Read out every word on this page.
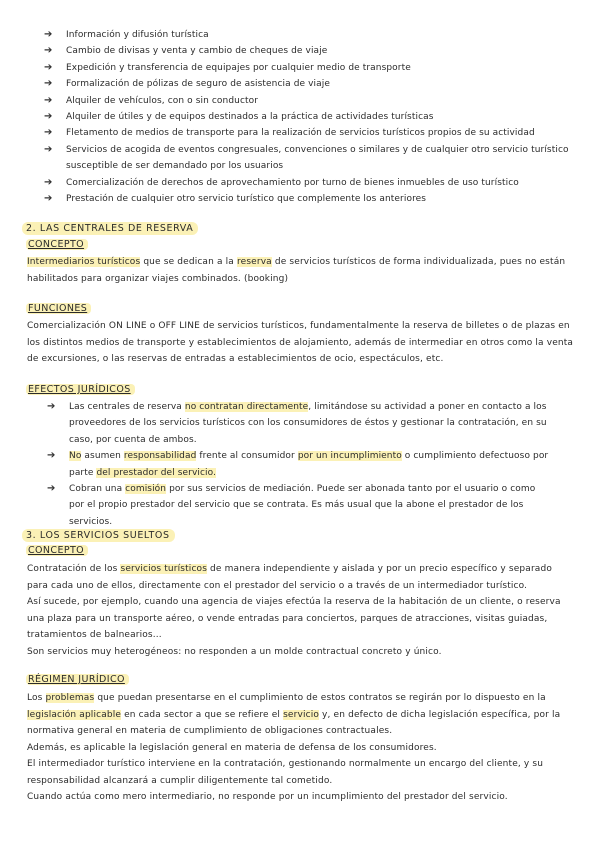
➔ Información y difusión turística
➔ Cambio de divisas y venta y cambio de cheques de viaje
➔ Expedición y transferencia de equipajes por cualquier medio de transporte
➔ Formalización de pólizas de seguro de asistencia de viaje
➔ Alquiler de vehículos, con o sin conductor
➔ Alquiler de útiles y de equipos destinados a la práctica de actividades turísticas
➔ Fletamento de medios de transporte para la realización de servicios turísticos propios de su actividad
➔ Servicios de acogida de eventos congresuales, convenciones o similares y de cualquier otro servicio turístico susceptible de ser demandado por los usuarios
➔ Comercialización de derechos de aprovechamiento por turno de bienes inmuebles de uso turístico
➔ Prestación de cualquier otro servicio turístico que complemente los anteriores
2. LAS CENTRALES DE RESERVA
CONCEPTO
Intermediarios turísticos que se dedican a la reserva de servicios turísticos de forma individualizada, pues no están habilitados para organizar viajes combinados. (booking)
FUNCIONES
Comercialización ON LINE o OFF LINE de servicios turísticos, fundamentalmente la reserva de billetes o de plazas en los distintos medios de transporte y establecimientos de alojamiento, además de intermediar en otros como la venta de excursiones, o las reservas de entradas a establecimientos de ocio, espectáculos, etc.
EFECTOS JURÍDICOS
➔ Las centrales de reserva no contratan directamente, limitándose su actividad a poner en contacto a los proveedores de los servicios turísticos con los consumidores de éstos y gestionar la contratación, en su caso, por cuenta de ambos.
➔ No asumen responsabilidad frente al consumidor por un incumplimiento o cumplimiento defectuoso por parte del prestador del servicio.
➔ Cobran una comisión por sus servicios de mediación. Puede ser abonada tanto por el usuario o como por el propio prestador del servicio que se contrata. Es más usual que la abone el prestador de los servicios.
3. LOS SERVICIOS SUELTOS
CONCEPTO
Contratación de los servicios turísticos de manera independiente y aislada y por un precio específico y separado para cada uno de ellos, directamente con el prestador del servicio o a través de un intermediador turístico.
Así sucede, por ejemplo, cuando una agencia de viajes efectúa la reserva de la habitación de un cliente, o reserva una plaza para un transporte aéreo, o vende entradas para conciertos, parques de atracciones, visitas guiadas, tratamientos de balnearios...
Son servicios muy heterogéneos: no responden a un molde contractual concreto y único.
RÉGIMEN JURÍDICO
Los problemas que puedan presentarse en el cumplimiento de estos contratos se regirán por lo dispuesto en la legislación aplicable en cada sector a que se refiere el servicio y, en defecto de dicha legislación específica, por la normativa general en materia de cumplimiento de obligaciones contractuales.
Además, es aplicable la legislación general en materia de defensa de los consumidores.
El intermediador turístico interviene en la contratación, gestionando normalmente un encargo del cliente, y su responsabilidad alcanzará a cumplir diligentemente tal cometido.
Cuando actúa como mero intermediario, no responde por un incumplimiento del prestador del servicio.
